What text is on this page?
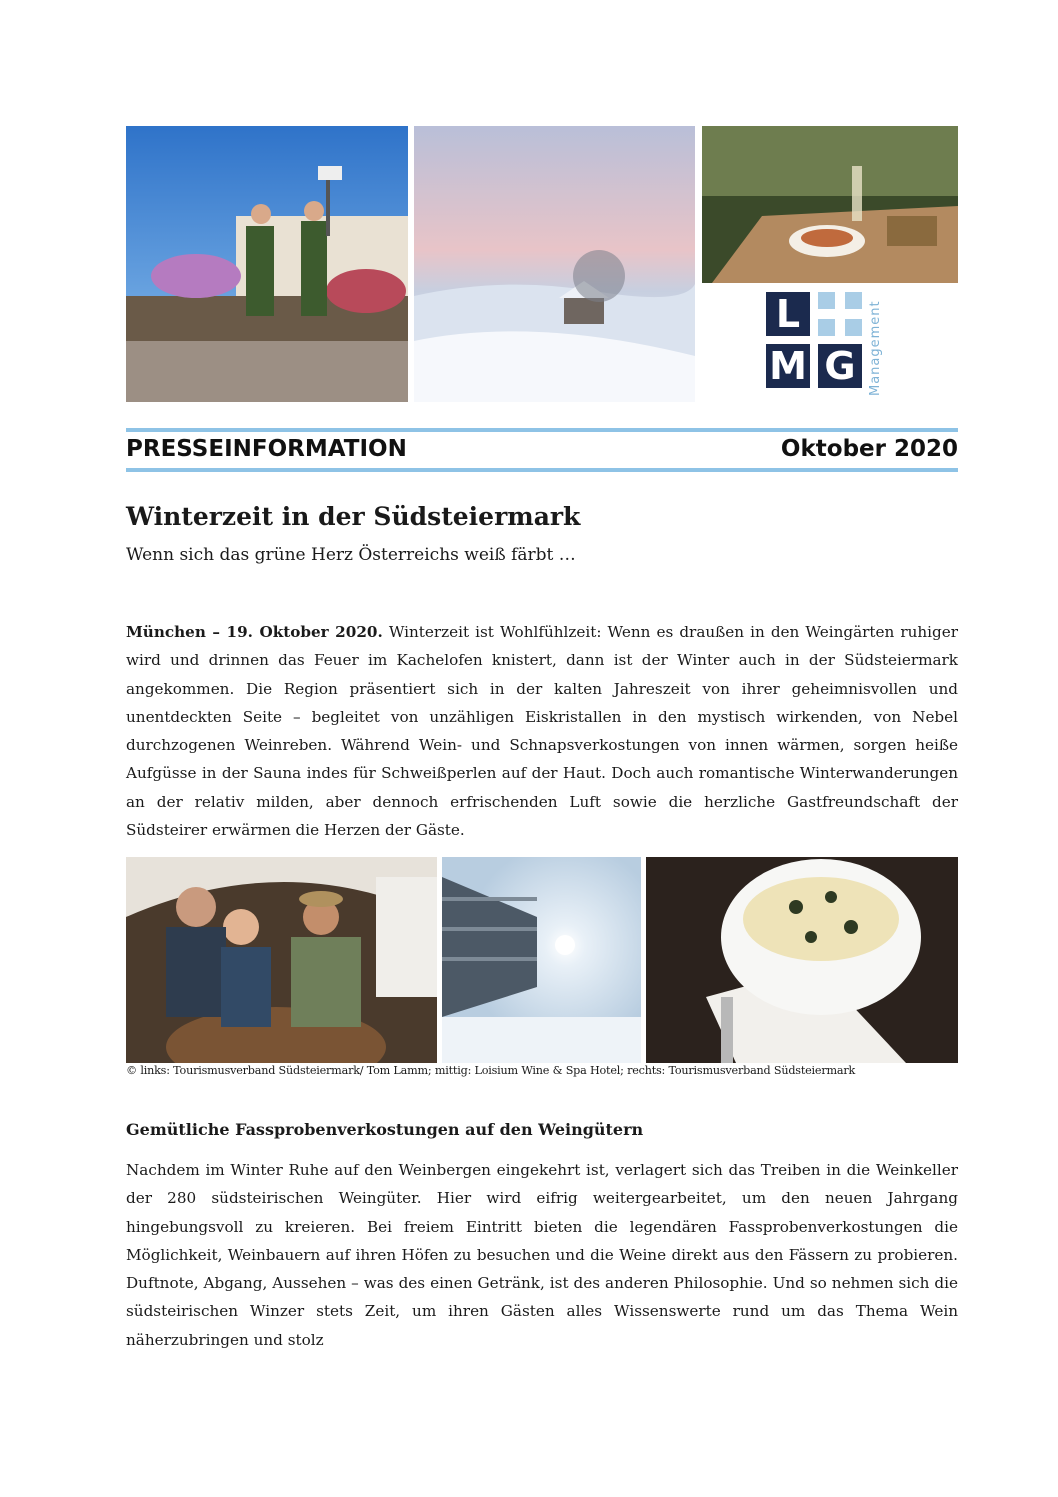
L
M G Management
PRESSEINFORMATION	Oktober 2020
Winterzeit in der Südsteiermark
Wenn sich das grüne Herz Österreichs weiß färbt …
München – 19. Oktober 2020. Winterzeit ist Wohlfühlzeit: Wenn es draußen in den Weingärten ruhiger wird und drinnen das Feuer im Kachelofen knistert, dann ist der Winter auch in der Südsteiermark angekommen. Die Region präsentiert sich in der kalten Jahreszeit von ihrer geheimnisvollen und unentdeckten Seite – begleitet von unzähligen Eiskristallen in den mystisch wirkenden, von Nebel durchzogenen Weinreben. Während Wein- und Schnapsverkostungen von innen wärmen, sorgen heiße Aufgüsse in der Sauna indes für Schweißperlen auf der Haut. Doch auch romantische Winterwanderungen an der relativ milden, aber dennoch erfrischenden Luft sowie die herzliche Gastfreundschaft der Südsteirer erwärmen die Herzen der Gäste.
© links: Tourismusverband Südsteiermark/ Tom Lamm; mittig: Loisium Wine & Spa Hotel; rechts: Tourismusverband Südsteiermark
Gemütliche Fassprobenverkostungen auf den Weingütern
Nachdem im Winter Ruhe auf den Weinbergen eingekehrt ist, verlagert sich das Treiben in die Weinkeller der 280 südsteirischen Weingüter. Hier wird eifrig weitergearbeitet, um den neuen Jahrgang hingebungsvoll zu kreieren. Bei freiem Eintritt bieten die legendären Fassprobenverkostungen die Möglichkeit, Weinbauern auf ihren Höfen zu besuchen und die Weine direkt aus den Fässern zu probieren. Duftnote, Abgang, Aussehen – was des einen Getränk, ist des anderen Philosophie. Und so nehmen sich die südsteirischen Winzer stets Zeit, um ihren Gästen alles Wissenswerte rund um das Thema Wein näherzubringen und stolz
